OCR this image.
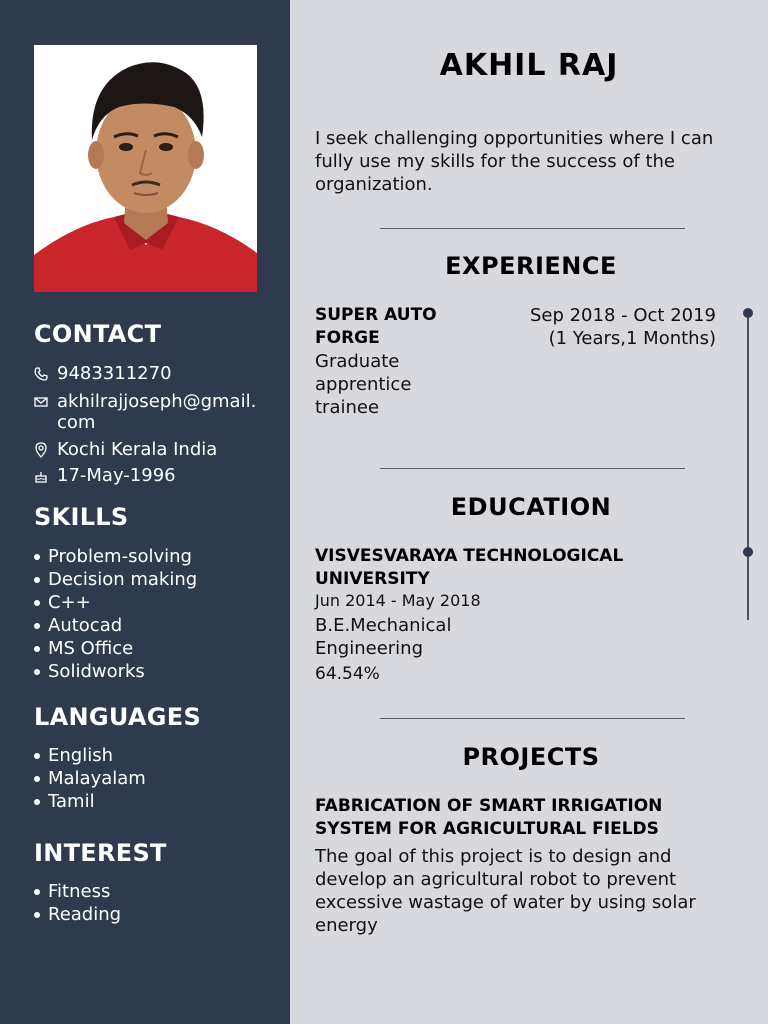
CONTACT
9483311270
akhilrajjoseph@gmail.com
Kochi Kerala India
17-May-1996
SKILLS
Problem-solving
Decision making
C++
Autocad
MS Office
Solidworks
LANGUAGES
English
Malayalam
Tamil
INTEREST
Fitness
Reading
AKHIL RAJ
I seek challenging opportunities where I can fully use my skills for the success of the organization.
EXPERIENCE
SUPER AUTO FORGE
Graduate apprentice trainee
Sep 2018 - Oct 2019
(1 Years,1 Months)
EDUCATION
VISVESVARAYA TECHNOLOGICAL UNIVERSITY
Jun 2014 - May 2018
B.E.Mechanical Engineering
64.54%
PROJECTS
FABRICATION OF SMART IRRIGATION SYSTEM FOR AGRICULTURAL FIELDS
The goal of this project is to design and develop an agricultural robot to prevent excessive wastage of water by using solar energy
